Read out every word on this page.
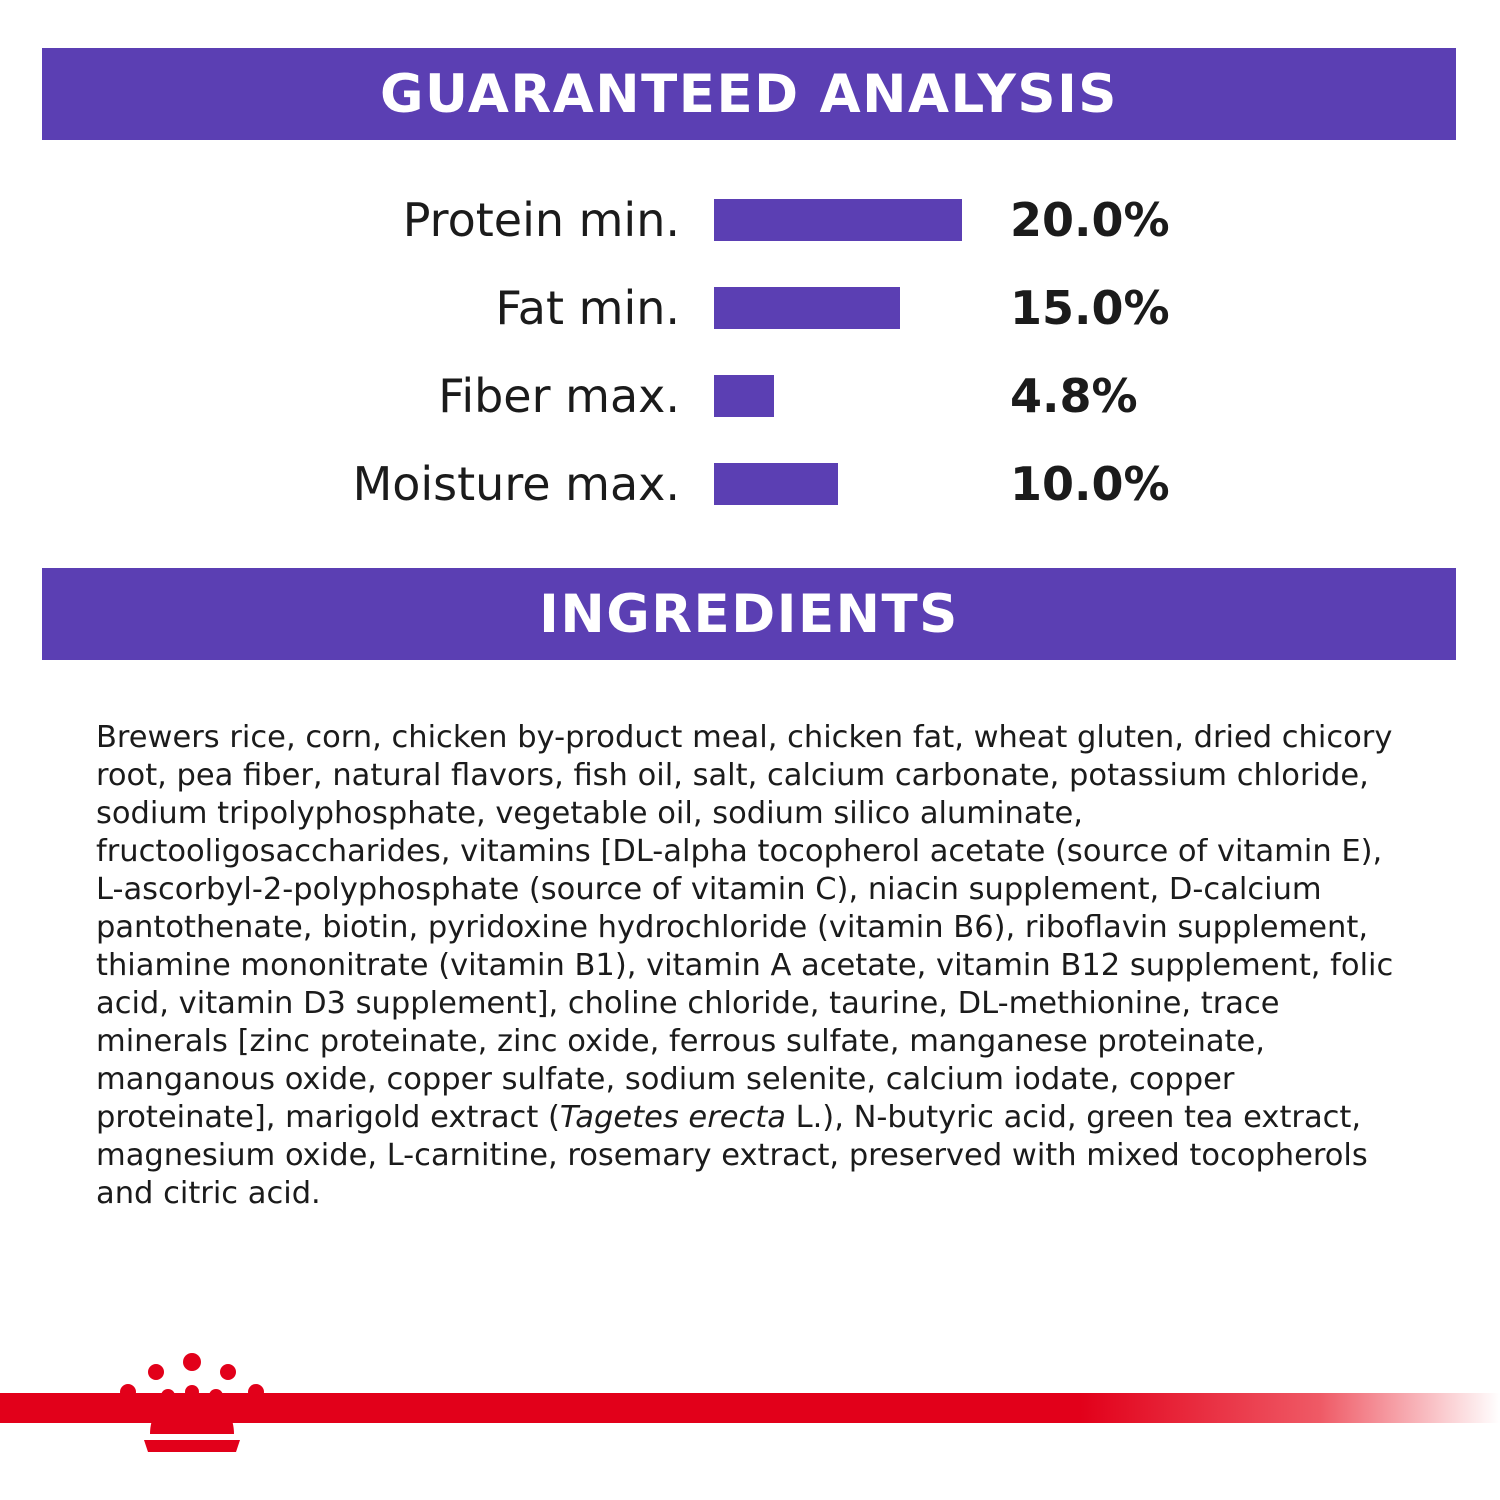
GUARANTEED ANALYSIS
Protein min.	20.0%
Fat min.	15.0%
Fiber max.	4.8%
Moisture max.	10.0%
INGREDIENTS

Brewers rice, corn, chicken by-product meal, chicken fat, wheat gluten, dried chicory root, pea fiber, natural flavors, fish oil, salt, calcium carbonate, potassium chloride, sodium tripolyphosphate, vegetable oil, sodium silico aluminate, fructooligosaccharides, vitamins [DL-alpha tocopherol acetate (source of vitamin E), L-ascorbyl-2-polyphosphate (source of vitamin C), niacin supplement, D-calcium pantothenate, biotin, pyridoxine hydrochloride (vitamin B6), riboflavin supplement, thiamine mononitrate (vitamin B1), vitamin A acetate, vitamin B12 supplement, folic acid, vitamin D3 supplement], choline chloride, taurine, DL-methionine, trace minerals [zinc proteinate, zinc oxide, ferrous sulfate, manganese proteinate, manganous oxide, copper sulfate, sodium selenite, calcium iodate, copper proteinate], marigold extract (Tagetes erecta L.), N-butyric acid, green tea extract, magnesium oxide, L-carnitine, rosemary extract, preserved with mixed tocopherols and citric acid.
